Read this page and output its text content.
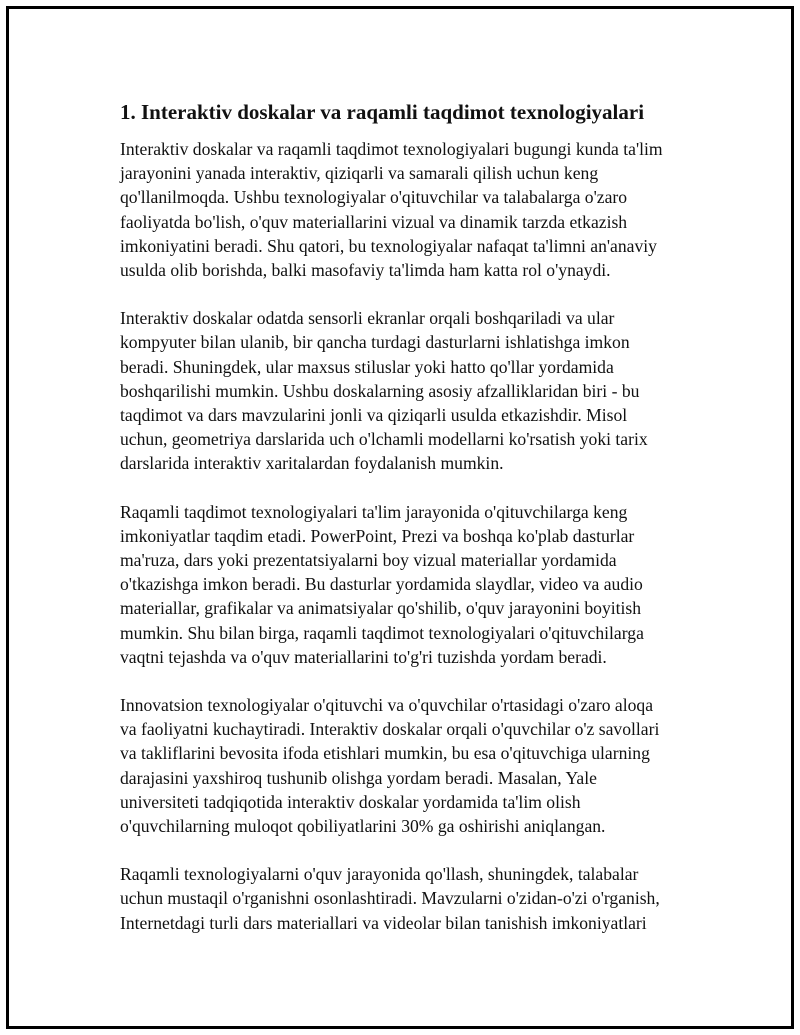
1. Interaktiv doskalar va raqamli taqdimot texnologiyalari

Interaktiv doskalar va raqamli taqdimot texnologiyalari bugungi kunda ta'lim
jarayonini yanada interaktiv, qiziqarli va samarali qilish uchun keng
qo'llanilmoqda. Ushbu texnologiyalar o'qituvchilar va talabalarga o'zaro
faoliyatda bo'lish, o'quv materiallarini vizual va dinamik tarzda etkazish
imkoniyatini beradi. Shu qatori, bu texnologiyalar nafaqat ta'limni an'anaviy
usulda olib borishda, balki masofaviy ta'limda ham katta rol o'ynaydi.

Interaktiv doskalar odatda sensorli ekranlar orqali boshqariladi va ular
kompyuter bilan ulanib, bir qancha turdagi dasturlarni ishlatishga imkon
beradi. Shuningdek, ular maxsus stiluslar yoki hatto qo'llar yordamida
boshqarilishi mumkin. Ushbu doskalarning asosiy afzalliklaridan biri - bu
taqdimot va dars mavzularini jonli va qiziqarli usulda etkazishdir. Misol
uchun, geometriya darslarida uch o'lchamli modellarni ko'rsatish yoki tarix
darslarida interaktiv xaritalardan foydalanish mumkin.

Raqamli taqdimot texnologiyalari ta'lim jarayonida o'qituvchilarga keng
imkoniyatlar taqdim etadi. PowerPoint, Prezi va boshqa ko'plab dasturlar
ma'ruza, dars yoki prezentatsiyalarni boy vizual materiallar yordamida
o'tkazishga imkon beradi. Bu dasturlar yordamida slaydlar, video va audio
materiallar, grafikalar va animatsiyalar qo'shilib, o'quv jarayonini boyitish
mumkin. Shu bilan birga, raqamli taqdimot texnologiyalari o'qituvchilarga
vaqtni tejashda va o'quv materiallarini to'g'ri tuzishda yordam beradi.

Innovatsion texnologiyalar o'qituvchi va o'quvchilar o'rtasidagi o'zaro aloqa
va faoliyatni kuchaytiradi. Interaktiv doskalar orqali o'quvchilar o'z savollari
va takliflarini bevosita ifoda etishlari mumkin, bu esa o'qituvchiga ularning
darajasini yaxshiroq tushunib olishga yordam beradi. Masalan, Yale
universiteti tadqiqotida interaktiv doskalar yordamida ta'lim olish
o'quvchilarning muloqot qobiliyatlarini 30% ga oshirishi aniqlangan.

Raqamli texnologiyalarni o'quv jarayonida qo'llash, shuningdek, talabalar
uchun mustaqil o'rganishni osonlashtiradi. Mavzularni o'zidan-o'zi o'rganish,
Internetdagi turli dars materiallari va videolar bilan tanishish imkoniyatlari
